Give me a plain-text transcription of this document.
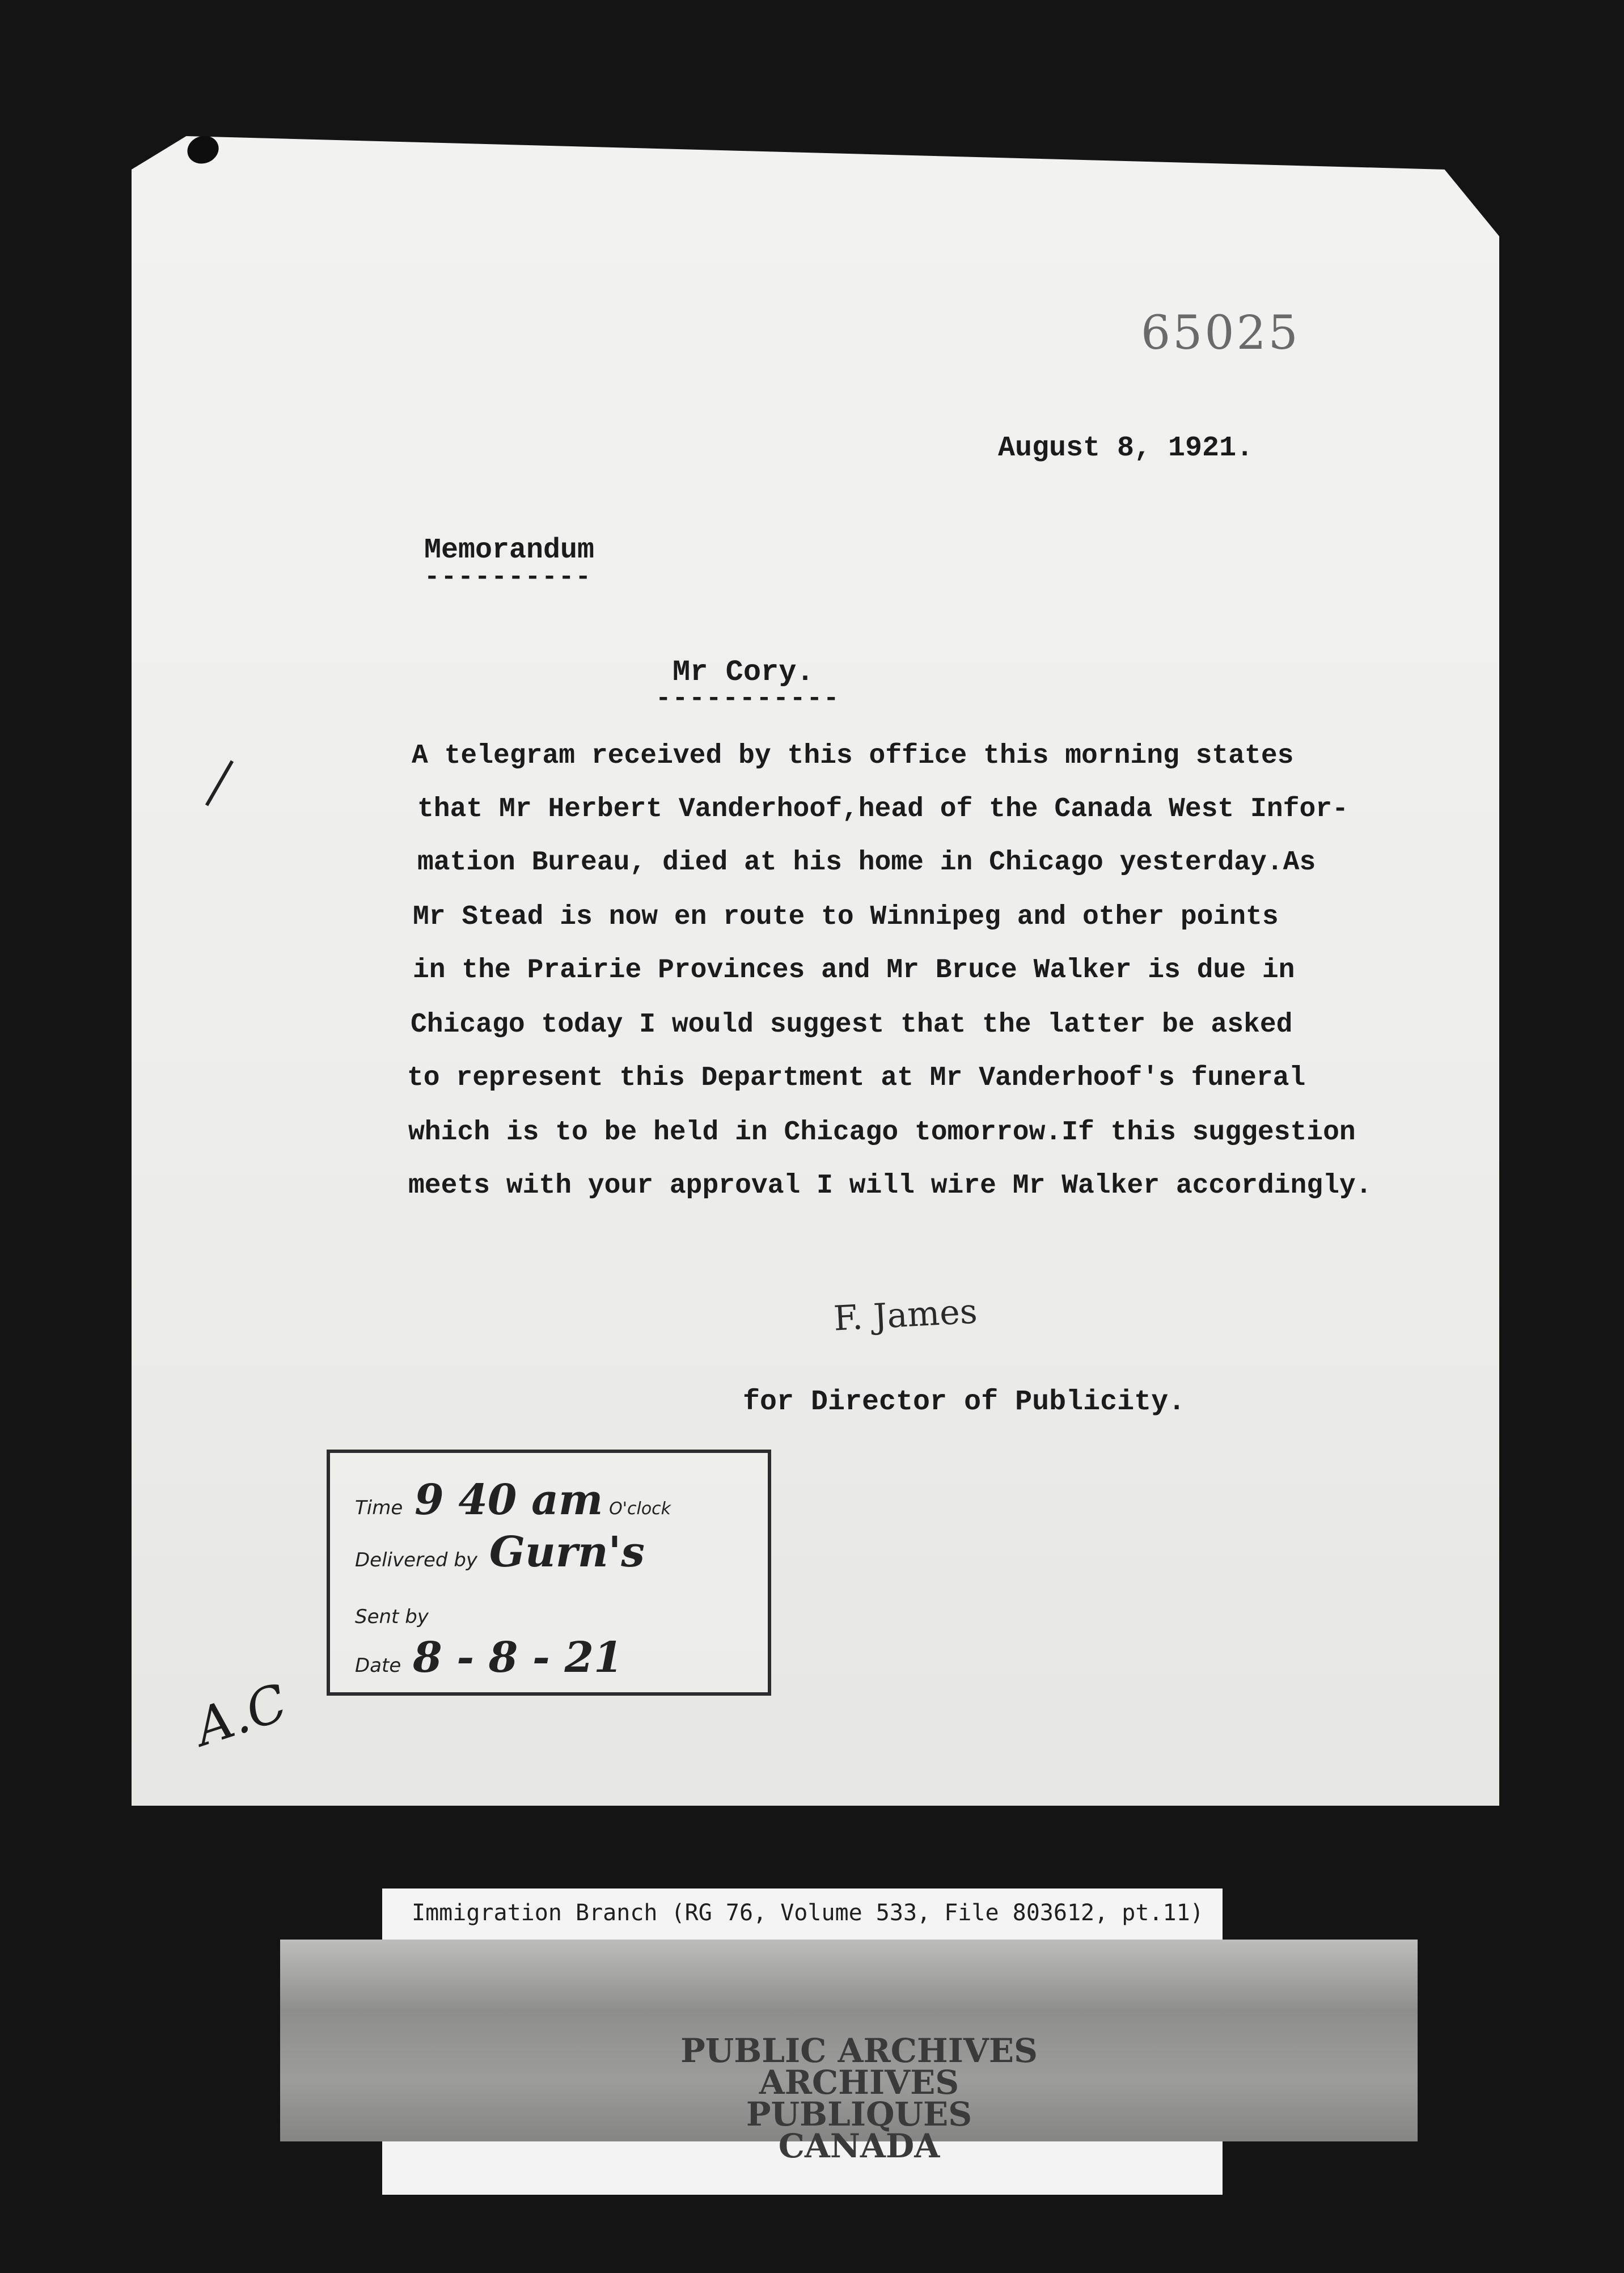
65025
August 8, 1921.
Memorandum
----------
Mr Cory.
-----------
A telegram received by this office this morning states
that Mr Herbert Vanderhoof,head of the Canada West Infor-
mation Bureau, died at his home in Chicago yesterday.As
Mr Stead is now en route to Winnipeg and other points
in the Prairie Provinces and Mr Bruce Walker is due in
Chicago today I would suggest that the latter be asked
to represent this Department at Mr Vanderhoof's funeral
which is to be held in Chicago tomorrow.If this suggestion
meets with your approval I will wire Mr Walker accordingly.
F. James
for Director of Publicity.
Time 9 40 am O'clock
Delivered by Gurn's
Sent by
Date 8 - 8 - 21
A.C
Immigration Branch (RG 76, Volume 533, File 803612, pt.11)
PUBLIC ARCHIVES
ARCHIVES PUBLIQUES
CANADA
